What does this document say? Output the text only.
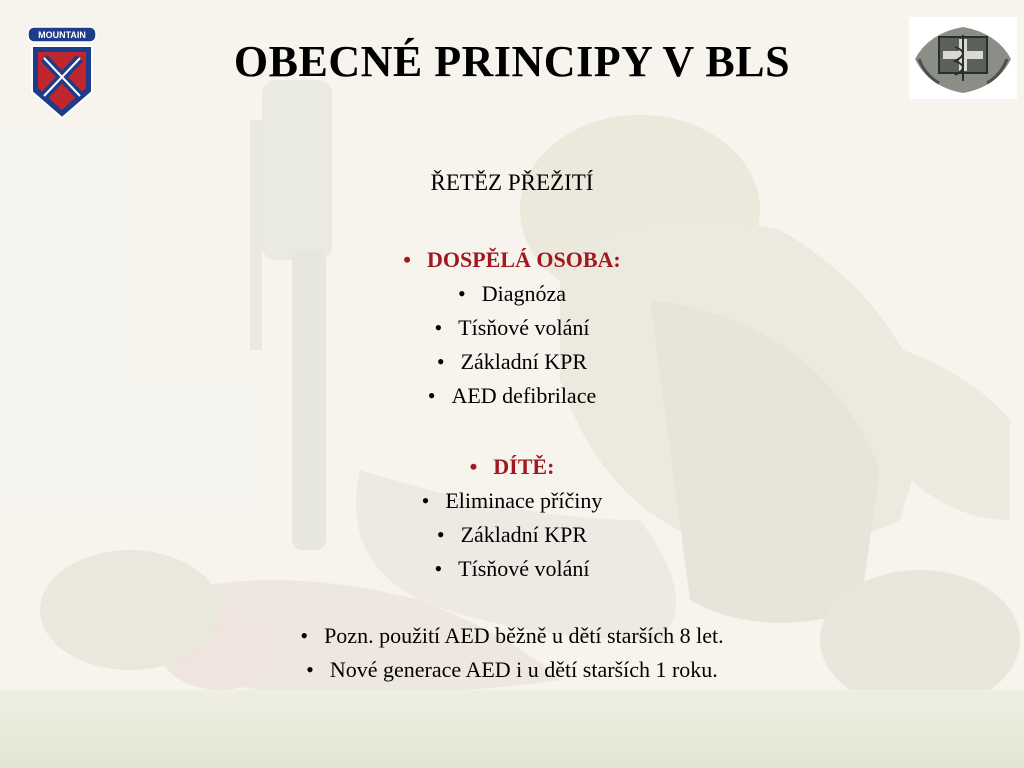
MOUNTAIN
OBECNÉ PRINCIPY V BLS

ŘETĚZ PŘEŽITÍ

• DOSPĚLÁ OSOBA:
• Diagnóza
• Tísňové volání
• Základní KPR
• AED defibrilace
• DÍTĚ:
• Eliminace příčiny
• Základní KPR
• Tísňové volání
• Pozn. použití AED běžně u dětí starších 8 let.
• Nové generace AED i u dětí starších 1 roku.
